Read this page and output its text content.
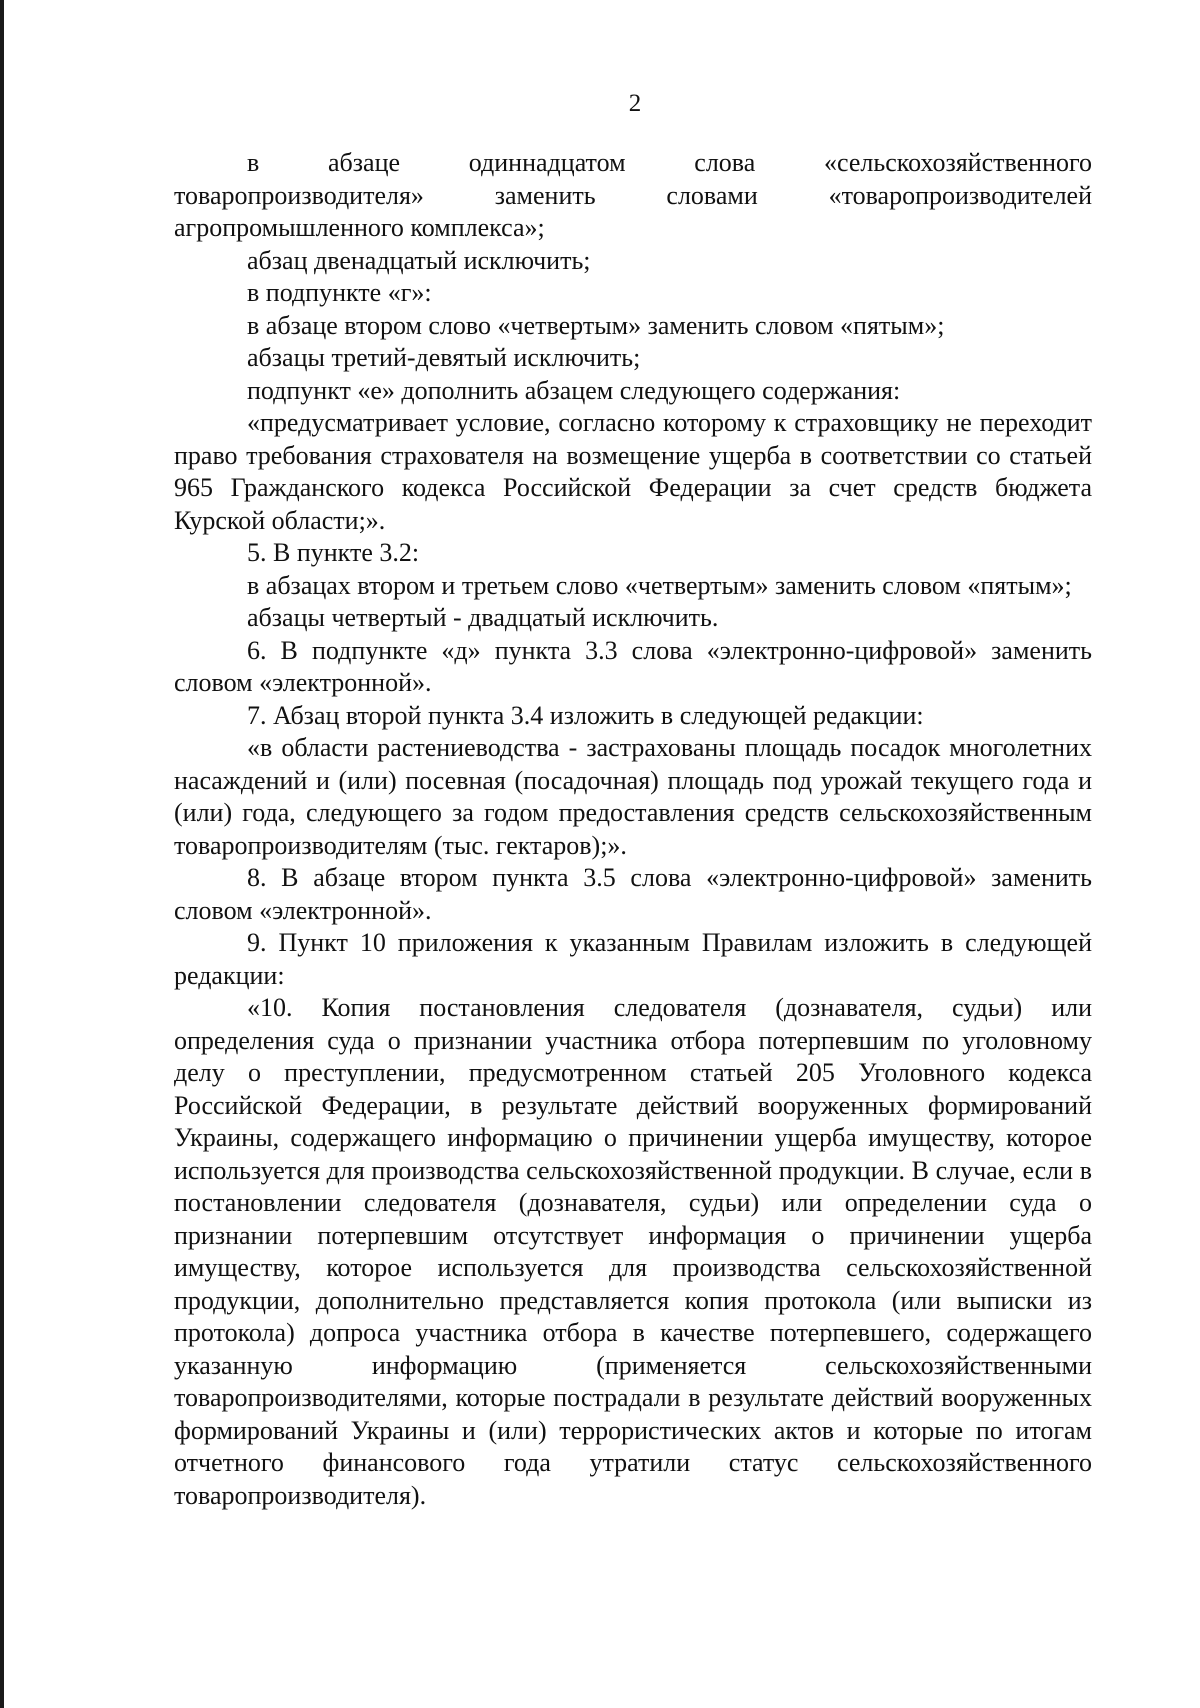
2

в абзаце одиннадцатом слова «сельскохозяйственного товаропроизводителя» заменить словами «товаропроизводителей агропромышленного комплекса»;

абзац двенадцатый исключить;

в подпункте «г»:

в абзаце втором слово «четвертым» заменить словом «пятым»;

абзацы третий-девятый исключить;

подпункт «е» дополнить абзацем следующего содержания:

«предусматривает условие, согласно которому к страховщику не переходит право требования страхователя на возмещение ущерба в соответствии со статьей 965 Гражданского кодекса Российской Федерации за счет средств бюджета Курской области;».

5. В пункте 3.2:

в абзацах втором и третьем слово «четвертым» заменить словом «пятым»;

абзацы четвертый - двадцатый исключить.

6. В подпункте «д» пункта 3.3 слова «электронно-цифровой» заменить словом «электронной».

7. Абзац второй пункта 3.4 изложить в следующей редакции:

«в области растениеводства - застрахованы площадь посадок многолетних насаждений и (или) посевная (посадочная) площадь под урожай текущего года и (или) года, следующего за годом предоставления средств сельскохозяйственным товаропроизводителям (тыс. гектаров);».

8. В абзаце втором пункта 3.5 слова «электронно-цифровой» заменить словом «электронной».

9. Пункт 10 приложения к указанным Правилам изложить в следующей редакции:

«10. Копия постановления следователя (дознавателя, судьи) или определения суда о признании участника отбора потерпевшим по уголовному делу о преступлении, предусмотренном статьей 205 Уголовного кодекса Российской Федерации, в результате действий вооруженных формирований Украины, содержащего информацию о причинении ущерба имуществу, которое используется для производства сельскохозяйственной продукции. В случае, если в постановлении следователя (дознавателя, судьи) или определении суда о признании потерпевшим отсутствует информация о причинении ущерба имуществу, которое используется для производства сельскохозяйственной продукции, дополнительно представляется копия протокола (или выписки из протокола) допроса участника отбора в качестве потерпевшего, содержащего указанную информацию (применяется сельскохозяйственными товаропроизводителями, которые пострадали в результате действий вооруженных формирований Украины и (или) террористических актов и которые по итогам отчетного финансового года утратили статус сельскохозяйственного товаропроизводителя).
